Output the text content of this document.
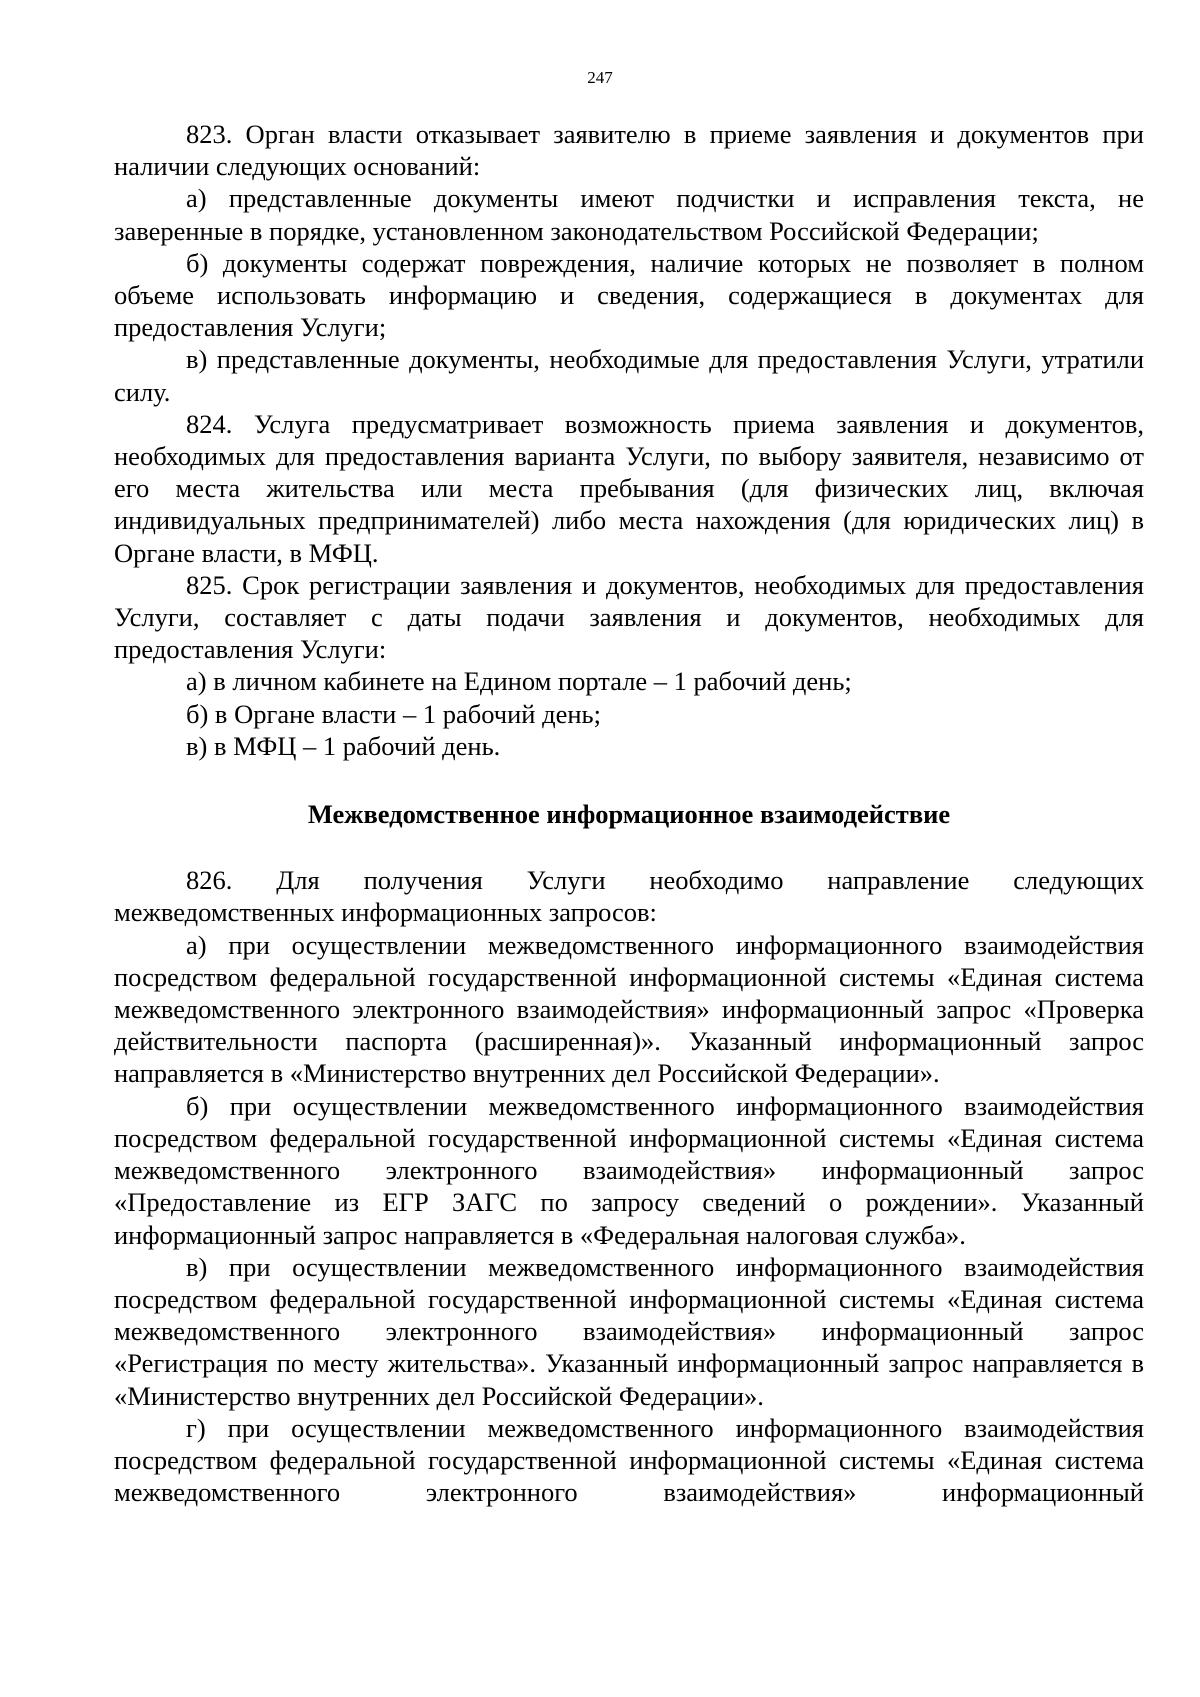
247

823. Орган власти отказывает заявителю в приеме заявления и документов при наличии следующих оснований:

а) представленные документы имеют подчистки и исправления текста, не заверенные в порядке, установленном законодательством Российской Федерации;

б) документы содержат повреждения, наличие которых не позволяет в полном объеме использовать информацию и сведения, содержащиеся в документах для предоставления Услуги;

в) представленные документы, необходимые для предоставления Услуги, утратили силу.

824. Услуга предусматривает возможность приема заявления и документов, необходимых для предоставления варианта Услуги, по выбору заявителя, независимо от его места жительства или места пребывания (для физических лиц, включая индивидуальных предпринимателей) либо места нахождения (для юридических лиц) в Органе власти, в МФЦ.

825. Срок регистрации заявления и документов, необходимых для предоставления Услуги, составляет с даты подачи заявления и документов, необходимых для предоставления Услуги:

а) в личном кабинете на Едином портале – 1 рабочий день;

б) в Органе власти – 1 рабочий день;

в) в МФЦ – 1 рабочий день.

Межведомственное информационное взаимодействие

826. Для получения Услуги необходимо направление следующих межведомственных информационных запросов:

а) при осуществлении межведомственного информационного взаимодействия посредством федеральной государственной информационной системы «Единая система межведомственного электронного взаимодействия» информационный запрос «Проверка действительности паспорта (расширенная)». Указанный информационный запрос направляется в «Министерство внутренних дел Российской Федерации».

б) при осуществлении межведомственного информационного взаимодействия посредством федеральной государственной информационной системы «Единая система межведомственного электронного взаимодействия» информационный запрос «Предоставление из ЕГР ЗАГС по запросу сведений о рождении». Указанный информационный запрос направляется в «Федеральная налоговая служба».

в) при осуществлении межведомственного информационного взаимодействия посредством федеральной государственной информационной системы «Единая система межведомственного электронного взаимодействия» информационный запрос «Регистрация по месту жительства». Указанный информационный запрос направляется в «Министерство внутренних дел Российской Федерации».

г) при осуществлении межведомственного информационного взаимодействия посредством федеральной государственной информационной системы «Единая система межведомственного электронного взаимодействия» информационный
